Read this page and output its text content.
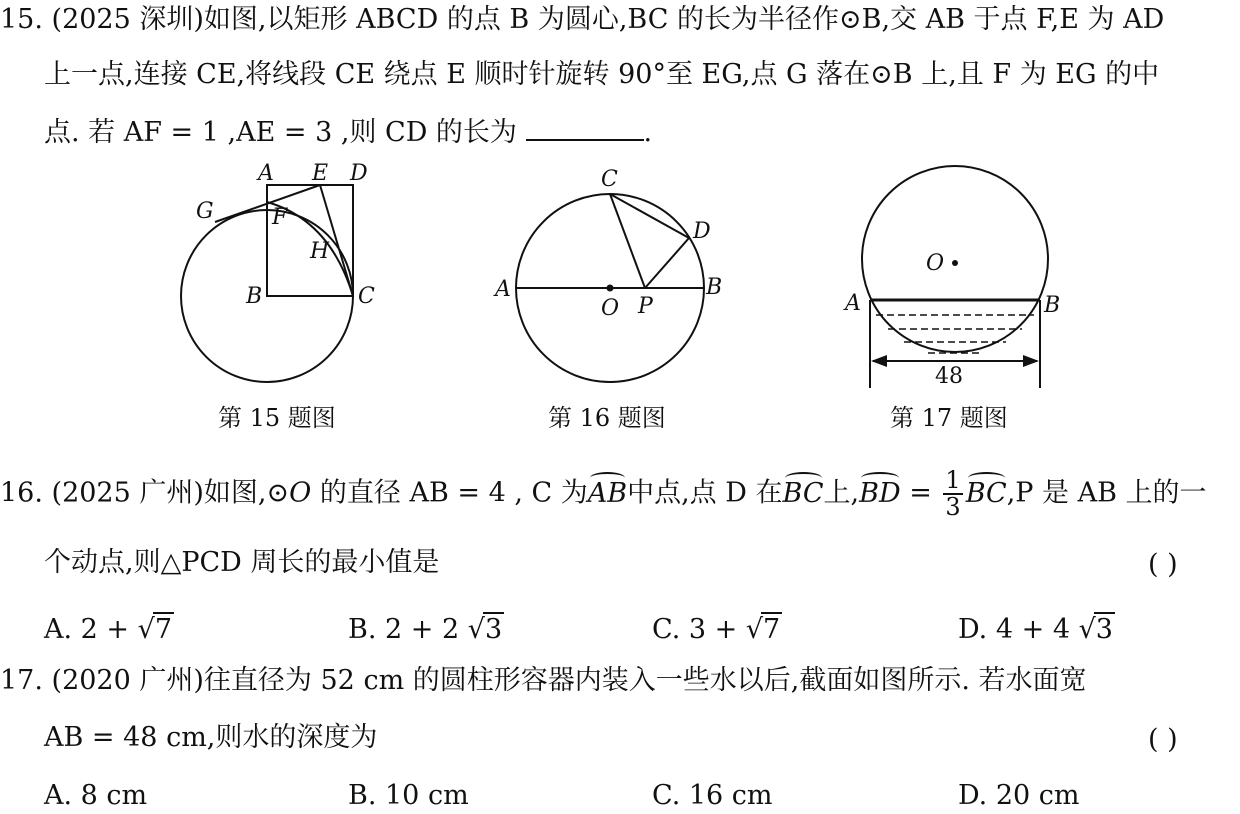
15. (2025 深圳)如图,以矩形 ABCD 的点 B 为圆心,BC 的长为半径作⊙B,交 AB 于点 F,E 为 AD
上一点,连接 CE,将线段 CE 绕点 E 顺时针旋转 90°至 EG,点 G 落在⊙B 上,且 F 为 EG 的中
点. 若 AF = 1 ,AE = 3 ,则 CD 的长为	.
A E D
G	F
H
B	C
第 15 题图
C
D
A	B
O P
第 16 题图
O
A	B
48
第 17 题图
16. (2025 广州)如图,⊙O 的直径 AB = 4 , C 为AB中点,点 D 在BC上$,BD = \frac{1}{3} BC,P$ 是 AB 上的一
个动点,则△PCD 周长的最小值是	( )
A. 2 + √7	B. 2 + 2 √3	C. 3 + √7	D. 4 + 4 √3
17. (2020 广州)往直径为 52 cm 的圆柱形容器内装入一些水以后,截面如图所示. 若水面宽
AB = 48 cm,则水的深度为	( )
A. 8 cm	B. 10 cm	C. 16 cm	D. 20 cm
